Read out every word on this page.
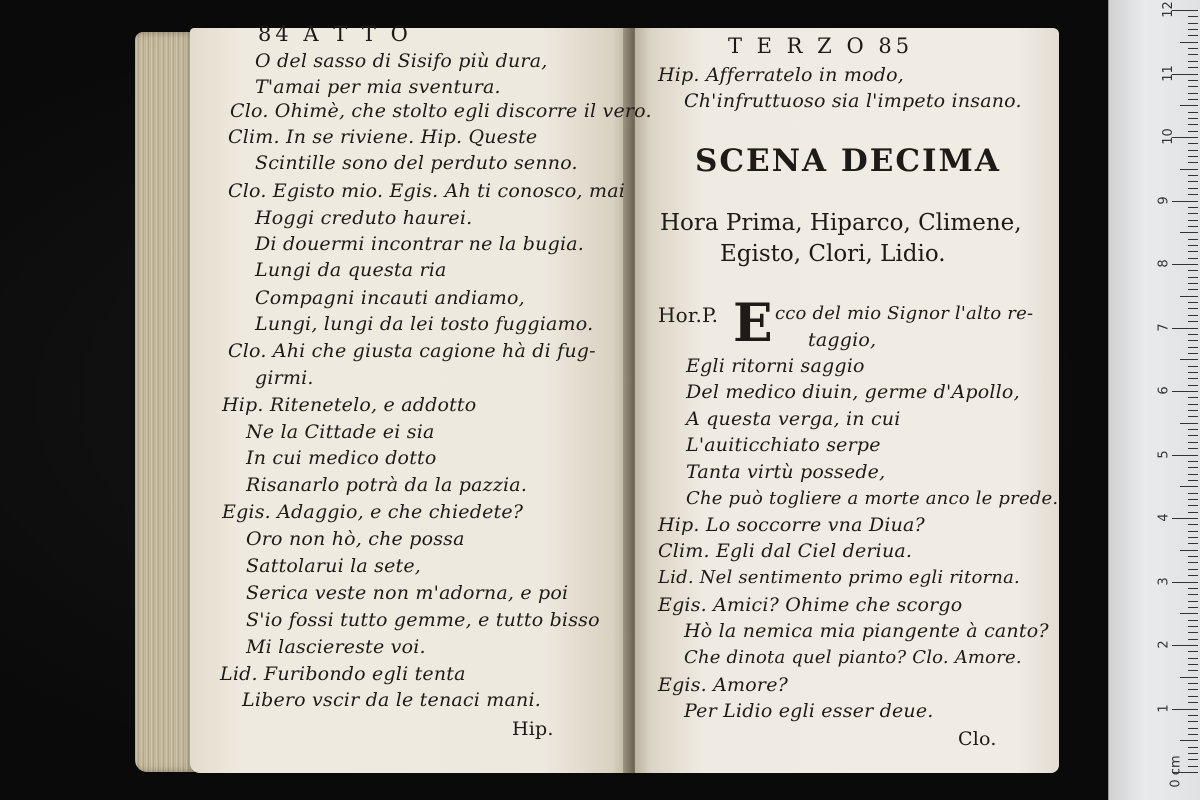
84 A T T O
O del sasso di Sisifo più dura,
T'amai per mia sventura.
Clo. Ohimè, che stolto egli discorre il vero.
Clim. In se riviene. Hip. Queste
Scintille sono del perduto senno.
Clo. Egisto mio. Egis. Ah ti conosco, mai
Hoggi creduto haurei.
Di douermi incontrar ne la bugia.
Lungi da questa ria
Compagni incauti andiamo,
Lungi, lungi da lei tosto fuggiamo.
Clo. Ahi che giusta cagione hà di fug-
girmi.
Hip. Ritenetelo, e addotto
Ne la Cittade ei sia
In cui medico dotto
Risanarlo potrà da la pazzia.
Egis. Adaggio, e che chiedete?
Oro non hò, che possa
Sattolarui la sete,
Serica veste non m'adorna, e poi
S'io fossi tutto gemme, e tutto bisso
Mi lasciereste voi.
Lid. Furibondo egli tenta
Libero vscir da le tenaci mani.
Hip.
T E R Z O 85
Hip. Afferratelo in modo,
Ch'infruttuoso sia l'impeto insano.
SCENA DECIMA
Hora Prima, Hiparco, Climene,
Egisto, Clori, Lidio.
Hor.P. E cco del mio Signor l'alto re-
taggio,
Egli ritorni saggio
Del medico diuin, germe d'Apollo,
A questa verga, in cui
L'auiticchiato serpe
Tanta virtù possede,
Che può togliere a morte anco le prede.
Hip. Lo soccorre vna Diua?
Clim. Egli dal Ciel deriua.
Lid. Nel sentimento primo egli ritorna.
Egis. Amici? Ohime che scorgo
Hò la nemica mia piangente à canto?
Che dinota quel pianto? Clo. Amore.
Egis. Amore?
Per Lidio egli esser deue.
Clo.
0 cm
1
2
3
4
5
6
7
8
9
10
11
12
